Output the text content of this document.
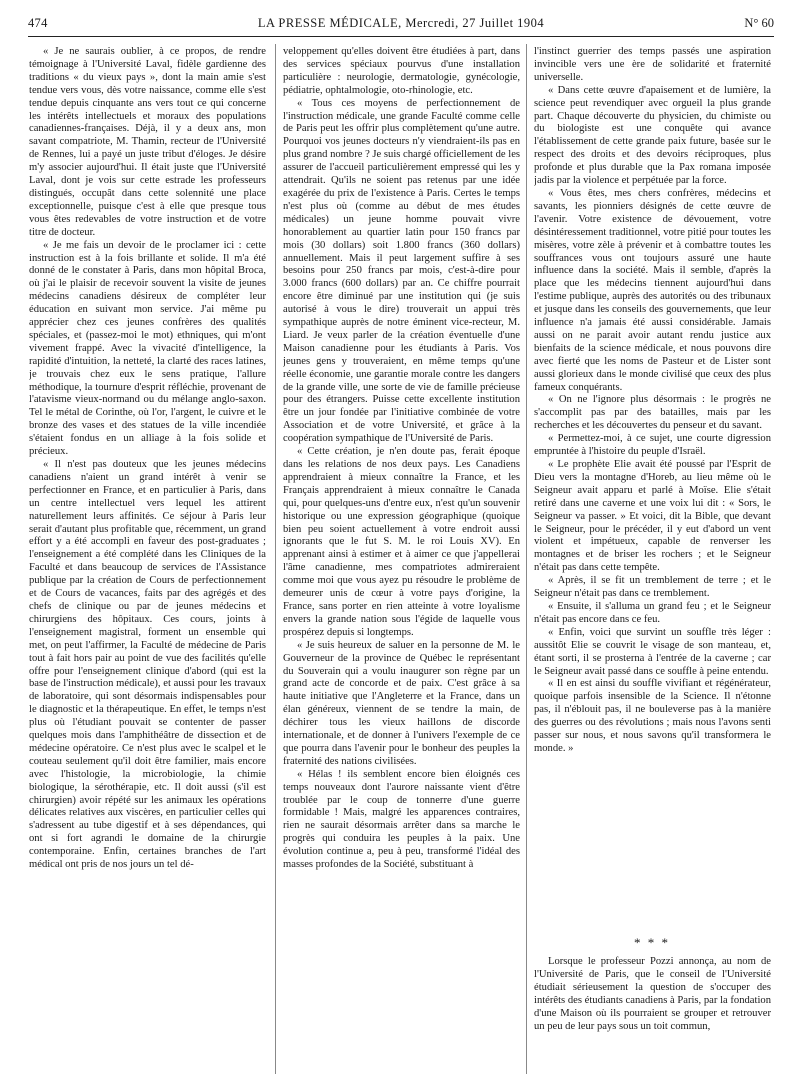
474	LA PRESSE MÉDICALE, Mercredi, 27 Juillet 1904	N° 60

« Je ne saurais oublier, à ce propos, de rendre témoignage à l'Université Laval, fidèle gardienne des traditions « du vieux pays », dont la main amie s'est tendue vers vous, dès votre naissance, comme elle s'est tendue depuis cinquante ans vers tout ce qui concerne les intérêts intellectuels et moraux des populations canadiennes-françaises. Déjà, il y a deux ans, mon savant compatriote, M. Thamin, recteur de l'Université de Rennes, lui a payé un juste tribut d'éloges. Je désire m'y associer aujourd'hui. Il était juste que l'Université Laval, dont je vois sur cette estrade les professeurs distingués, occupât dans cette solennité une place exceptionnelle, puisque c'est à elle que presque tous vous êtes redevables de votre instruction et de votre titre de docteur.

« Je me fais un devoir de le proclamer ici : cette instruction est à la fois brillante et solide. Il m'a été donné de le constater à Paris, dans mon hôpital Broca, où j'ai le plaisir de recevoir souvent la visite de jeunes médecins canadiens désireux de compléter leur éducation en suivant mon service. J'ai même pu apprécier chez ces jeunes confrères des qualités spéciales, et (passez-moi le mot) ethniques, qui m'ont vivement frappé. Avec la vivacité d'intelligence, la rapidité d'intuition, la netteté, la clarté des races latines, je trouvais chez eux le sens pratique, l'allure méthodique, la tournure d'esprit réfléchie, provenant de l'atavisme vieux-normand ou du mélange anglo-saxon. Tel le métal de Corinthe, où l'or, l'argent, le cuivre et le bronze des vases et des statues de la ville incendiée s'étaient fondus en un alliage à la fois solide et précieux.

« Il n'est pas douteux que les jeunes médecins canadiens n'aient un grand intérêt à venir se perfectionner en France, et en particulier à Paris, dans un centre intellectuel vers lequel les attirent naturellement leurs affinités. Ce séjour à Paris leur serait d'autant plus profitable que, récemment, un grand effort y a été accompli en faveur des post-graduates ; l'enseignement a été complété dans les Cliniques de la Faculté et dans beaucoup de services de l'Assistance publique par la création de Cours de perfectionnement et de Cours de vacances, faits par des agrégés et des chefs de clinique ou par de jeunes médecins et chirurgiens des hôpitaux. Ces cours, joints à l'enseignement magistral, forment un ensemble qui met, on peut l'affirmer, la Faculté de médecine de Paris tout à fait hors pair au point de vue des facilités qu'elle offre pour l'enseignement clinique d'abord (qui est la base de l'instruction médicale), et aussi pour les travaux de laboratoire, qui sont désormais indispensables pour le diagnostic et la thérapeutique. En effet, le temps n'est plus où l'étudiant pouvait se contenter de passer quelques mois dans l'amphithéâtre de dissection et de médecine opératoire. Ce n'est plus avec le scalpel et le couteau seulement qu'il doit être familier, mais encore avec l'histologie, la microbiologie, la chimie biologique, la sérothérapie, etc. Il doit aussi (s'il est chirurgien) avoir répété sur les animaux les opérations délicates relatives aux viscères, en particulier celles qui s'adressent au tube digestif et à ses dépendances, qui ont si fort agrandi le domaine de la chirurgie contemporaine. Enfin, certaines branches de l'art médical ont pris de nos jours un tel dé-

veloppement qu'elles doivent être étudiées à part, dans des services spéciaux pourvus d'une installation particulière : neurologie, dermatologie, gynécologie, pédiatrie, ophtalmologie, oto-rhinologie, etc.

« Tous ces moyens de perfectionnement de l'instruction médicale, une grande Faculté comme celle de Paris peut les offrir plus complètement qu'une autre. Pourquoi vos jeunes docteurs n'y viendraient-ils pas en plus grand nombre ? Je suis chargé officiellement de les assurer de l'accueil particulièrement empressé qui les y attendrait. Qu'ils ne soient pas retenus par une idée exagérée du prix de l'existence à Paris. Certes le temps n'est plus où (comme au début de mes études médicales) un jeune homme pouvait vivre honorablement au quartier latin pour 150 francs par mois (30 dollars) soit 1.800 francs (360 dollars) annuellement. Mais il peut largement suffire à ses besoins pour 250 francs par mois, c'est-à-dire pour 3.000 francs (600 dollars) par an. Ce chiffre pourrait encore être diminué par une institution qui (je suis autorisé à vous le dire) trouverait un appui très sympathique auprès de notre éminent vice-recteur, M. Liard. Je veux parler de la création éventuelle d'une Maison canadienne pour les étudiants à Paris. Vos jeunes gens y trouveraient, en même temps qu'une réelle économie, une garantie morale contre les dangers de la grande ville, une sorte de vie de famille précieuse pour des étrangers. Puisse cette excellente institution être un jour fondée par l'initiative combinée de votre Association et de votre Université, et grâce à la coopération sympathique de l'Université de Paris.

« Cette création, je n'en doute pas, ferait époque dans les relations de nos deux pays. Les Canadiens apprendraient à mieux connaître la France, et les Français apprendraient à mieux connaître le Canada qui, pour quelques-uns d'entre eux, n'est qu'un souvenir historique ou une expression géographique (quoique bien peu soient actuellement à votre endroit aussi ignorants que le fut S. M. le roi Louis XV). En apprenant ainsi à estimer et à aimer ce que j'appellerai l'âme canadienne, mes compatriotes admireraient comme moi que vous ayez pu résoudre le problème de demeurer unis de cœur à votre pays d'origine, la France, sans porter en rien atteinte à votre loyalisme envers la grande nation sous l'égide de laquelle vous prospérez depuis si longtemps.

« Je suis heureux de saluer en la personne de M. le Gouverneur de la province de Québec le représentant du Souverain qui a voulu inaugurer son règne par un grand acte de concorde et de paix. C'est grâce à sa haute initiative que l'Angleterre et la France, dans un élan généreux, viennent de se tendre la main, de déchirer tous les vieux haillons de discorde internationale, et de donner à l'univers l'exemple de ce que pourra dans l'avenir pour le bonheur des peuples la fraternité des nations civilisées.

« Hélas ! ils semblent encore bien éloignés ces temps nouveaux dont l'aurore naissante vient d'être troublée par le coup de tonnerre d'une guerre formidable ! Mais, malgré les apparences contraires, rien ne saurait désormais arrêter dans sa marche le progrès qui conduira les peuples à la paix. Une évolution continue a, peu à peu, transformé l'idéal des masses profondes de la Société, substituant à

l'instinct guerrier des temps passés une aspiration invincible vers une ère de solidarité et fraternité universelle.

« Dans cette œuvre d'apaisement et de lumière, la science peut revendiquer avec orgueil la plus grande part. Chaque découverte du physicien, du chimiste ou du biologiste est une conquête qui avance l'établissement de cette grande paix future, basée sur le respect des droits et des devoirs réciproques, plus profonde et plus durable que la Pax romana imposée jadis par la violence et perpétuée par la force.

« Vous êtes, mes chers confrères, médecins et savants, les pionniers désignés de cette œuvre de l'avenir. Votre existence de dévouement, votre désintéressement traditionnel, votre pitié pour toutes les misères, votre zèle à prévenir et à combattre toutes les souffrances vous ont toujours assuré une haute influence dans la société. Mais il semble, d'après la place que les médecins tiennent aujourd'hui dans l'estime publique, auprès des autorités ou des tribunaux et jusque dans les conseils des gouvernements, que leur influence n'a jamais été aussi considérable. Jamais aussi on ne parait avoir autant rendu justice aux bienfaits de la science médicale, et nous pouvons dire avec fierté que les noms de Pasteur et de Lister sont aussi glorieux dans le monde civilisé que ceux des plus fameux conquérants.

« On ne l'ignore plus désormais : le progrès ne s'accomplit pas par des batailles, mais par les recherches et les découvertes du penseur et du savant.

« Permettez-moi, à ce sujet, une courte digression empruntée à l'histoire du peuple d'Israël.

« Le prophète Elie avait été poussé par l'Esprit de Dieu vers la montagne d'Horeb, au lieu même où le Seigneur avait apparu et parlé à Moïse. Elie s'était retiré dans une caverne et une voix lui dit : « Sors, le Seigneur va passer. » Et voici, dit la Bible, que devant le Seigneur, pour le précéder, il y eut d'abord un vent violent et impétueux, capable de renverser les montagnes et de briser les rochers ; et le Seigneur n'était pas dans cette tempête.

« Après, il se fit un tremblement de terre ; et le Seigneur n'était pas dans ce tremblement.

« Ensuite, il s'alluma un grand feu ; et le Seigneur n'était pas encore dans ce feu.

« Enfin, voici que survint un souffle très léger : aussitôt Elie se couvrit le visage de son manteau, et, étant sorti, il se prosterna à l'entrée de la caverne ; car le Seigneur avait passé dans ce souffle à peine entendu.

« Il en est ainsi du souffle vivifiant et régénérateur, quoique parfois insensible de la Science. Il n'étonne pas, il n'éblouit pas, il ne bouleverse pas à la manière des guerres ou des révolutions ; mais nous l'avons senti passer sur nous, et nous savons qu'il transformera le monde. »

* * *

Lorsque le professeur Pozzi annonça, au nom de l'Université de Paris, que le conseil de l'Université étudiait sérieusement la question de s'occuper des intérêts des étudiants canadiens à Paris, par la fondation d'une Maison où ils pourraient se grouper et retrouver un peu de leur pays sous un toit commun,
